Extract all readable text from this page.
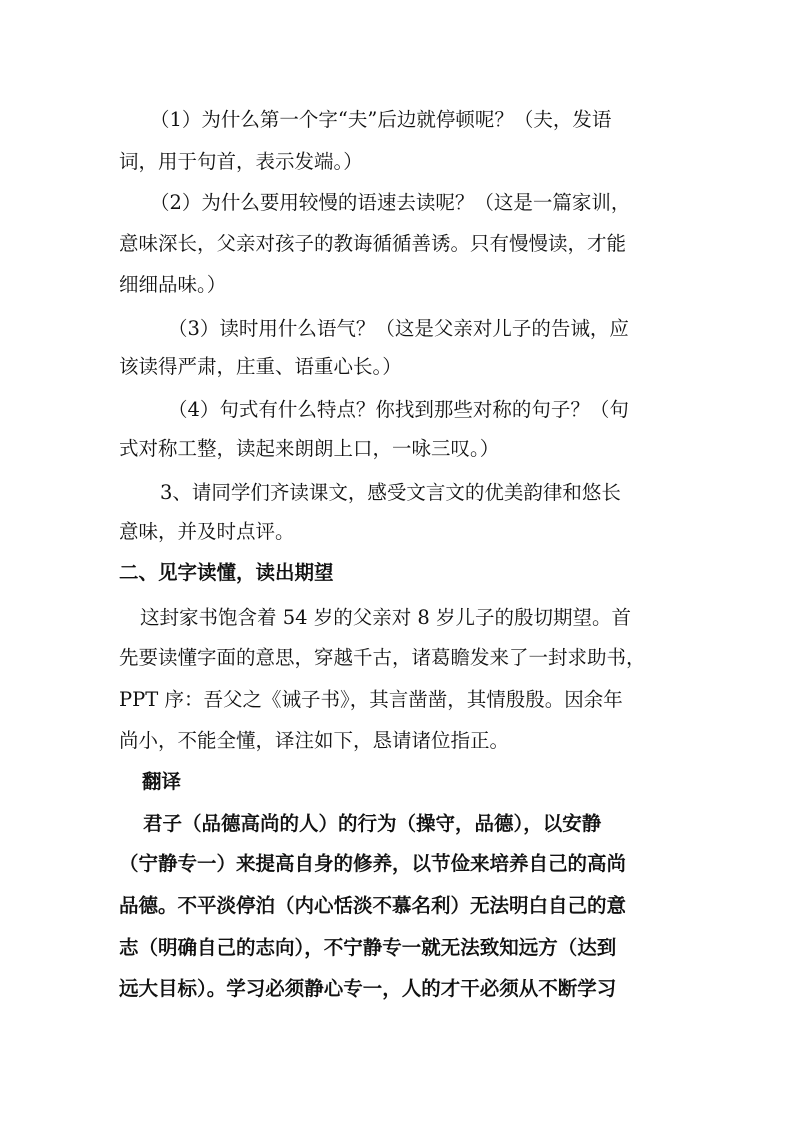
（1）为什么第一个字“夫”后边就停顿呢？（夫，发语
词，用于句首，表示发端。）
（2）为什么要用较慢的语速去读呢？（这是一篇家训，
意味深长，父亲对孩子的教诲循循善诱。只有慢慢读，才能
细细品味。）
（3）读时用什么语气？（这是父亲对儿子的告诫，应
该读得严肃，庄重、语重心长。）
（4）句式有什么特点？你找到那些对称的句子？（句
式对称工整，读起来朗朗上口，一咏三叹。）
3、请同学们齐读课文，感受文言文的优美韵律和悠长
意味，并及时点评。
二、见字读懂，读出期望
这封家书饱含着 54 岁的父亲对 8 岁儿子的殷切期望。首
先要读懂字面的意思，穿越千古，诸葛瞻发来了一封求助书，
PPT 序：吾父之《诫子书》，其言凿凿，其情殷殷。因余年
尚小，不能全懂，译注如下，恳请诸位指正。
翻译
君子（品德高尚的人）的行为（操守，品德），以安静
（宁静专一）来提高自身的修养，以节俭来培养自己的高尚
品德。不平淡停泊（内心恬淡不慕名利）无法明白自己的意
志（明确自己的志向），不宁静专一就无法致知远方（达到
远大目标）。学习必须静心专一，人的才干必须从不断学习
